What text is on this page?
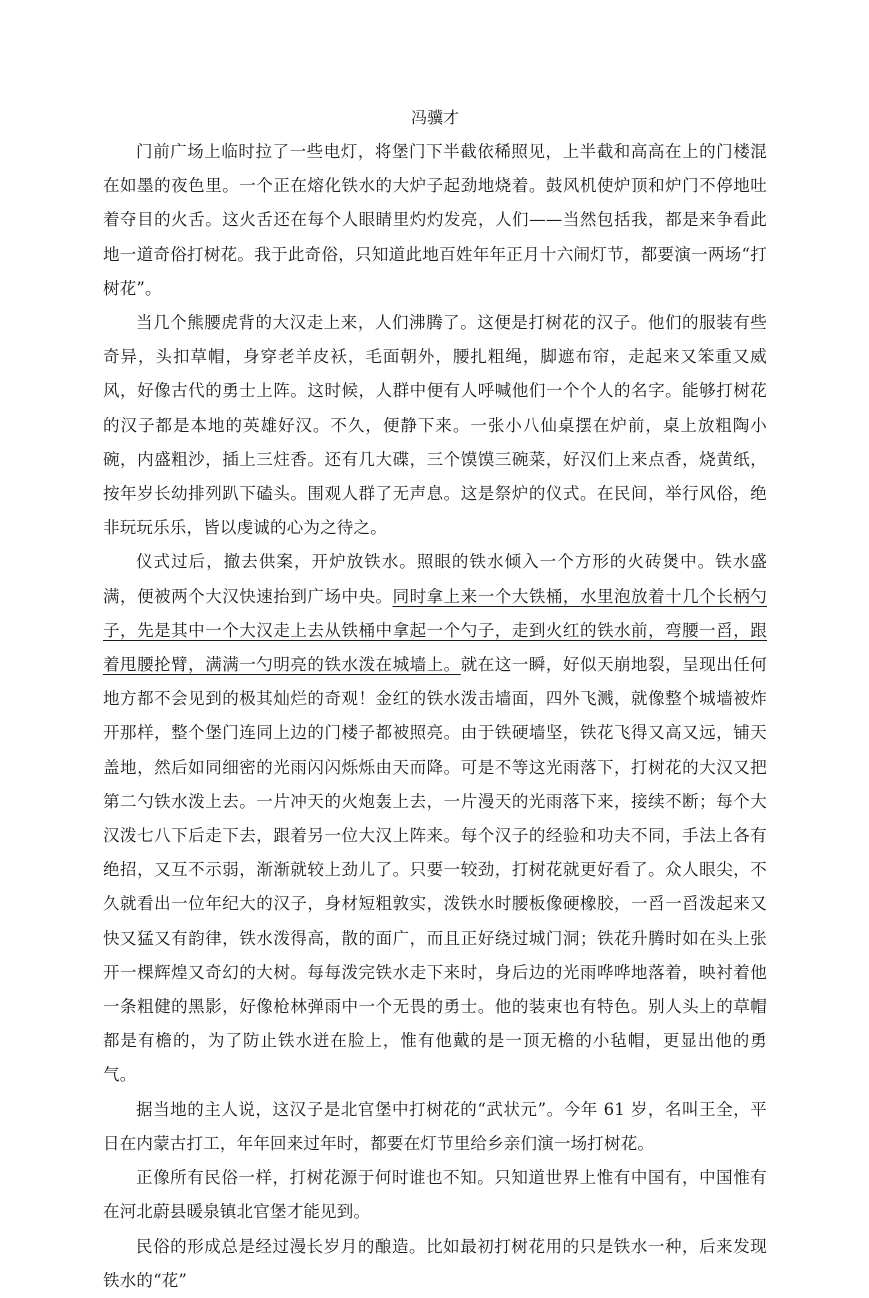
冯骥才

门前广场上临时拉了一些电灯，将堡门下半截依稀照见，上半截和高高在上的门楼混在如墨的夜色里。一个正在熔化铁水的大炉子起劲地烧着。鼓风机使炉顶和炉门不停地吐着夺目的火舌。这火舌还在每个人眼睛里灼灼发亮，人们——当然包括我，都是来争看此地一道奇俗打树花。我于此奇俗，只知道此地百姓年年正月十六闹灯节，都要演一两场“打树花”。

当几个熊腰虎背的大汉走上来，人们沸腾了。这便是打树花的汉子。他们的服装有些奇异，头扣草帽，身穿老羊皮袄，毛面朝外，腰扎粗绳，脚遮布帘，走起来又笨重又威风，好像古代的勇士上阵。这时候，人群中便有人呼喊他们一个个人的名字。能够打树花的汉子都是本地的英雄好汉。不久，便静下来。一张小八仙桌摆在炉前，桌上放粗陶小碗，内盛粗沙，插上三炷香。还有几大碟，三个馍馍三碗菜，好汉们上来点香，烧黄纸，按年岁长幼排列趴下磕头。围观人群了无声息。这是祭炉的仪式。在民间，举行风俗，绝非玩玩乐乐，皆以虔诚的心为之待之。

仪式过后，撤去供案，开炉放铁水。照眼的铁水倾入一个方形的火砖煲中。铁水盛满，便被两个大汉快速抬到广场中央。同时拿上来一个大铁桶，水里泡放着十几个长柄勺子，先是其中一个大汉走上去从铁桶中拿起一个勺子，走到火红的铁水前，弯腰一舀，跟着甩腰抡臂，满满一勺明亮的铁水泼在城墙上。就在这一瞬，好似天崩地裂，呈现出任何地方都不会见到的极其灿烂的奇观！金红的铁水泼击墙面，四外飞溅，就像整个城墙被炸开那样，整个堡门连同上边的门楼子都被照亮。由于铁硬墙坚，铁花飞得又高又远，铺天盖地，然后如同细密的光雨闪闪烁烁由天而降。可是不等这光雨落下，打树花的大汉又把第二勺铁水泼上去。一片冲天的火炮轰上去，一片漫天的光雨落下来，接续不断；每个大汉泼七八下后走下去，跟着另一位大汉上阵来。每个汉子的经验和功夫不同，手法上各有绝招，又互不示弱，渐渐就较上劲儿了。只要一较劲，打树花就更好看了。众人眼尖，不久就看出一位年纪大的汉子，身材短粗敦实，泼铁水时腰板像硬橡胶，一舀一舀泼起来又快又猛又有韵律，铁水泼得高，散的面广，而且正好绕过城门洞；铁花升腾时如在头上张开一棵辉煌又奇幻的大树。每每泼完铁水走下来时，身后边的光雨哗哗地落着，映衬着他一条粗健的黑影，好像枪林弹雨中一个无畏的勇士。他的装束也有特色。别人头上的草帽都是有檐的，为了防止铁水迸在脸上，惟有他戴的是一顶无檐的小毡帽，更显出他的勇气。

据当地的主人说，这汉子是北官堡中打树花的“武状元”。今年 61 岁，名叫王全，平日在内蒙古打工，年年回来过年时，都要在灯节里给乡亲们演一场打树花。

正像所有民俗一样，打树花源于何时谁也不知。只知道世界上惟有中国有，中国惟有在河北蔚县暖泉镇北官堡才能见到。

民俗的形成总是经过漫长岁月的酿造。比如最初打树花用的只是铁水一种，后来发现铁水的“花”
